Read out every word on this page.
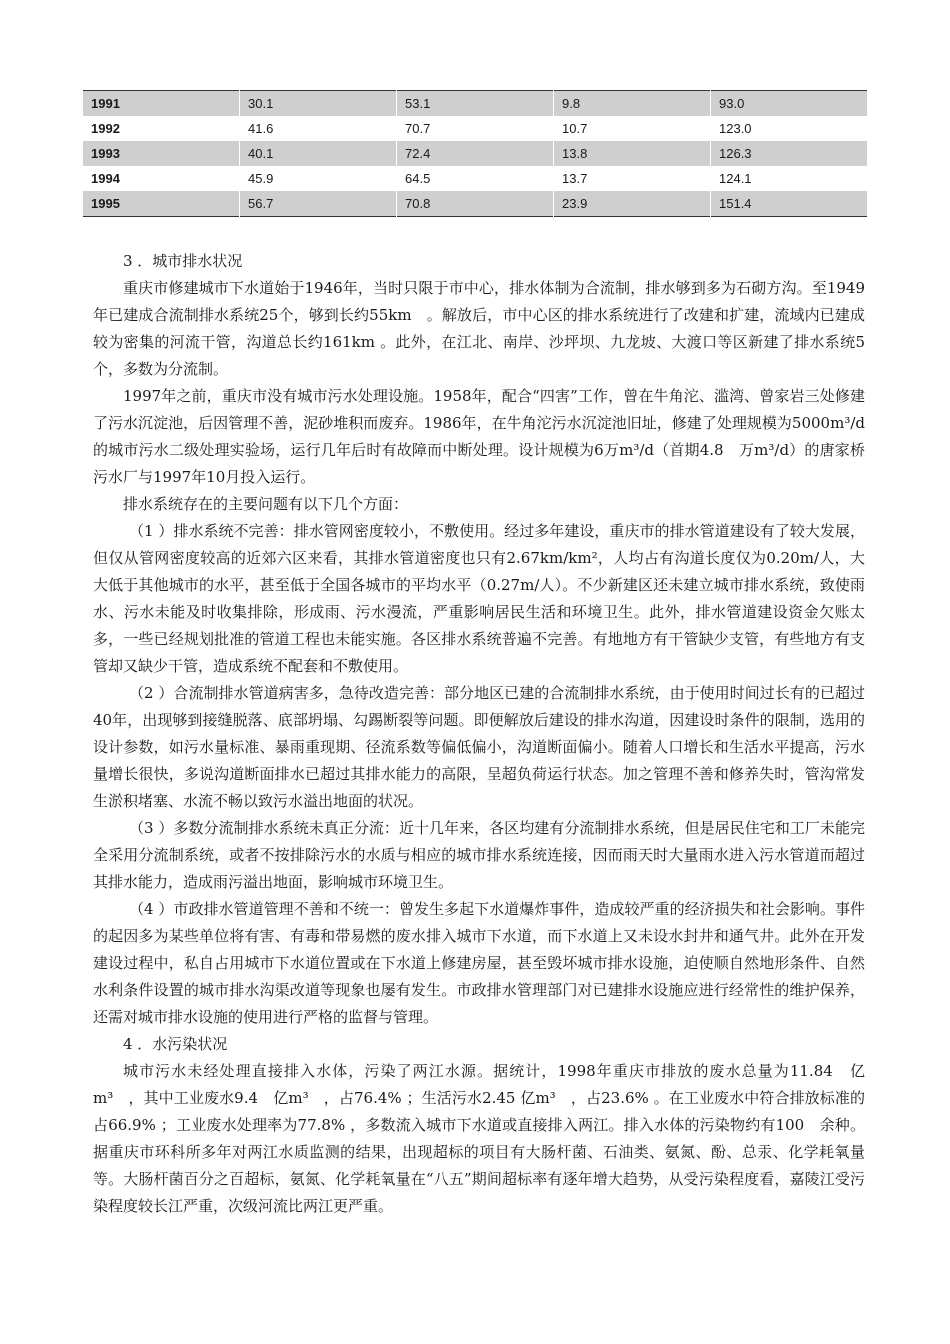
1991	30.1	53.1	9.8	93.0
1992	41.6	70.7	10.7	123.0
1993	40.1	72.4	13.8	126.3
1994	45.9	64.5	13.7	124.1
1995	56.7	70.8	23.9	151.4

3 ．城市排水状况

重庆市修建城市下水道始于1946年，当时只限于市中心，排水体制为合流制，排水够到多为石砌方沟。至1949年已建成合流制排水系统25个，够到长约55km　。解放后，市中心区的排水系统进行了改建和扩建，流域内已建成较为密集的河流干管，沟道总长约161km 。此外，在江北、南岸、沙坪坝、九龙坡、大渡口等区新建了排水系统5　个，多数为分流制。

1997年之前，重庆市没有城市污水处理设施。1958年，配合“四害”工作，曾在牛角沱、滥湾、曾家岩三处修建了污水沉淀池，后因管理不善，泥砂堆积而废弃。1986年，在牛角沱污水沉淀池旧址，修建了处理规模为5000m³/d的城市污水二级处理实验场，运行几年后时有故障而中断处理。设计规模为6万m³/d（首期4.8　万m³/d）的唐家桥污水厂与1997年10月投入运行。

排水系统存在的主要问题有以下几个方面：

（1 ）排水系统不完善：排水管网密度较小，不敷使用。经过多年建设，重庆市的排水管道建设有了较大发展，但仅从管网密度较高的近郊六区来看，其排水管道密度也只有2.67km/km²，人均占有沟道长度仅为0.20m/人，大大低于其他城市的水平，甚至低于全国各城市的平均水平（0.27m/人）。不少新建区还未建立城市排水系统，致使雨水、污水未能及时收集排除，形成雨、污水漫流，严重影响居民生活和环境卫生。此外，排水管道建设资金欠账太多，一些已经规划批准的管道工程也未能实施。各区排水系统普遍不完善。有地地方有干管缺少支管，有些地方有支管却又缺少干管，造成系统不配套和不敷使用。

（2 ）合流制排水管道病害多，急待改造完善：部分地区已建的合流制排水系统，由于使用时间过长有的已超过40年，出现够到接缝脱落、底部坍塌、勾踢断裂等问题。即便解放后建设的排水沟道，因建设时条件的限制，选用的设计参数，如污水量标准、暴雨重现期、径流系数等偏低偏小，沟道断面偏小。随着人口增长和生活水平提高，污水量增长很快，多说沟道断面排水已超过其排水能力的高限，呈超负荷运行状态。加之管理不善和修养失时，管沟常发生淤积堵塞、水流不畅以致污水溢出地面的状况。

（3 ）多数分流制排水系统未真正分流：近十几年来，各区均建有分流制排水系统，但是居民住宅和工厂未能完全采用分流制系统，或者不按排除污水的水质与相应的城市排水系统连接，因而雨天时大量雨水进入污水管道而超过其排水能力，造成雨污溢出地面，影响城市环境卫生。

（4 ）市政排水管道管理不善和不统一：曾发生多起下水道爆炸事件，造成较严重的经济损失和社会影响。事件的起因多为某些单位将有害、有毒和带易燃的废水排入城市下水道，而下水道上又未设水封井和通气井。此外在开发建设过程中，私自占用城市下水道位置或在下水道上修建房屋，甚至毁坏城市排水设施，迫使顺自然地形条件、自然水利条件设置的城市排水沟渠改道等现象也屡有发生。市政排水管理部门对已建排水设施应进行经常性的维护保养，还需对城市排水设施的使用进行严格的监督与管理。

4 ．水污染状况

城市污水未经处理直接排入水体，污染了两江水源。据统计，1998年重庆市排放的废水总量为11.84　亿m³　，其中工业废水9.4　亿m³　，占76.4% ；生活污水2.45 亿m³　，占23.6% 。在工业废水中符合排放标准的占66.9% ；工业废水处理率为77.8% ，多数流入城市下水道或直接排入两江。排入水体的污染物约有100　余种。据重庆市环科所多年对两江水质监测的结果，出现超标的项目有大肠杆菌、石油类、氨氮、酚、总汞、化学耗氧量等。大肠杆菌百分之百超标，氨氮、化学耗氧量在“八五”期间超标率有逐年增大趋势，从受污染程度看，嘉陵江受污染程度较长江严重，次级河流比两江更严重。
